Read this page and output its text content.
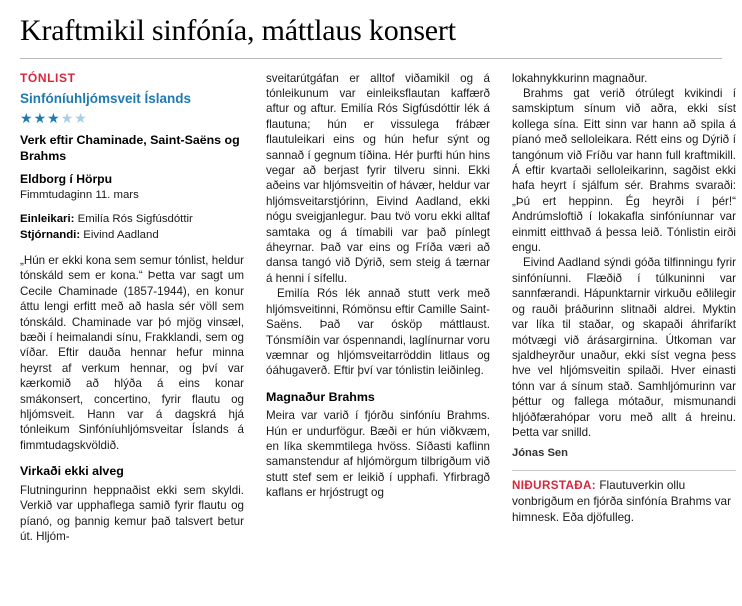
Kraftmikil sinfónía, máttlaus konsert
TÓNLIST
Sinfóníuhljómsveit Íslands
★★★★★
Verk eftir Chaminade, Saint-Saëns og Brahms
Eldborg í Hörpu
Fimmtudaginn 11. mars
Einleikari: Emilía Rós Sigfúsdóttir
Stjórnandi: Eivind Aadland

„Hún er ekki kona sem semur tónlist, heldur tónskáld sem er kona.“ Þetta var sagt um Cecile Chaminade (1857-1944), en konur áttu lengi erfitt með að hasla sér völl sem tónskáld. Chaminade var þó mjög vinsæl, bæði í heimalandi sínu, Frakklandi, sem og víðar. Eftir dauða hennar hefur minna heyrst af verkum hennar, og því var kærkomið að hlýða á eins konar smákonsert, concertino, fyrir flautu og hljómsveit. Hann var á dagskrá hjá tónleikum Sinfóníuhljómsveitar Íslands á fimmtudagskvöldið.

Virkaði ekki alveg

Flutningurinn heppnaðist ekki sem skyldi. Verkið var upphaflega samið fyrir flautu og píanó, og þannig kemur það talsvert betur út. Hljóm-

sveitarútgáfan er alltof viðamikil og á tónleikunum var einleiksflautan kaffærð aftur og aftur. Emilía Rós Sigfúsdóttir lék á flautuna; hún er vissulega frábær flautuleikari eins og hún hefur sýnt og sannað í gegnum tíðina. Hér þurfti hún hins vegar að berjast fyrir tilveru sinni. Ekki aðeins var hljómsveitin of hávær, heldur var hljómsveitarstjórinn, Eivind Aadland, ekki nógu sveigjanlegur. Þau tvö voru ekki alltaf samtaka og á tímabili var það pínlegt áheyrnar. Það var eins og Fríða væri að dansa tangó við Dýrið, sem steig á tærnar á henni í sífellu.

Emilía Rós lék annað stutt verk með hljómsveitinni, Rómönsu eftir Camille Saint-Saëns. Það var ósköp máttlaust. Tónsmíðin var óspennandi, laglínurnar voru væmnar og hljómsveitarröddin litlaus og óáhugaverð. Eftir því var tónlistin leiðinleg.

Magnaður Brahms

Meira var varið í fjórðu sinfóníu Brahms. Hún er undurfögur. Bæði er hún viðkvæm, en líka skemmtilega hvöss. Síðasti kaflinn samanstendur af hljómörgum tilbrigðum við stutt stef sem er leikið í upphafi. Yfirbragð kaflans er hrjóstrugt og

lokahnykkurinn magnaður.

Brahms gat verið ótrúlegt kvikindi í samskiptum sínum við aðra, ekki síst kollega sína. Eitt sinn var hann að spila á píanó með selloleikara. Rétt eins og Dýrið í tangónum við Fríðu var hann full kraftmikill. Á eftir kvartaði selloleikarinn, sagðist ekki hafa heyrt í sjálfum sér. Brahms svaraði: „Þú ert heppinn. Ég heyrði í þér!“ Andrúmsloftið í lokakafla sinfóníunnar var einmitt eitthvað á þessa leið. Tónlistin eirði engu.

Eivind Aadland sýndi góða tilfinningu fyrir sinfóníunni. Flæðið í túlkuninni var sannfærandi. Hápunktarnir virkuðu eðlilegir og rauði þráðurinn slitnaði aldrei. Myktin var líka til staðar, og skapaði áhrifaríkt mótvægi við árásargirnina. Útkoman var sjaldheyrður unaður, ekki síst vegna þess hve vel hljómsveitin spilaði. Hver einasti tónn var á sínum stað. Samhljómurinn var þéttur og fallega mótaður, mismunandi hljóðfærahópar voru með allt á hreinu. Þetta var snilld.

Jónas Sen

NIÐURSTAÐA: Flautuverkin ollu vonbrigðum en fjórða sinfónía Brahms var himnesk. Eða djöfulleg.
